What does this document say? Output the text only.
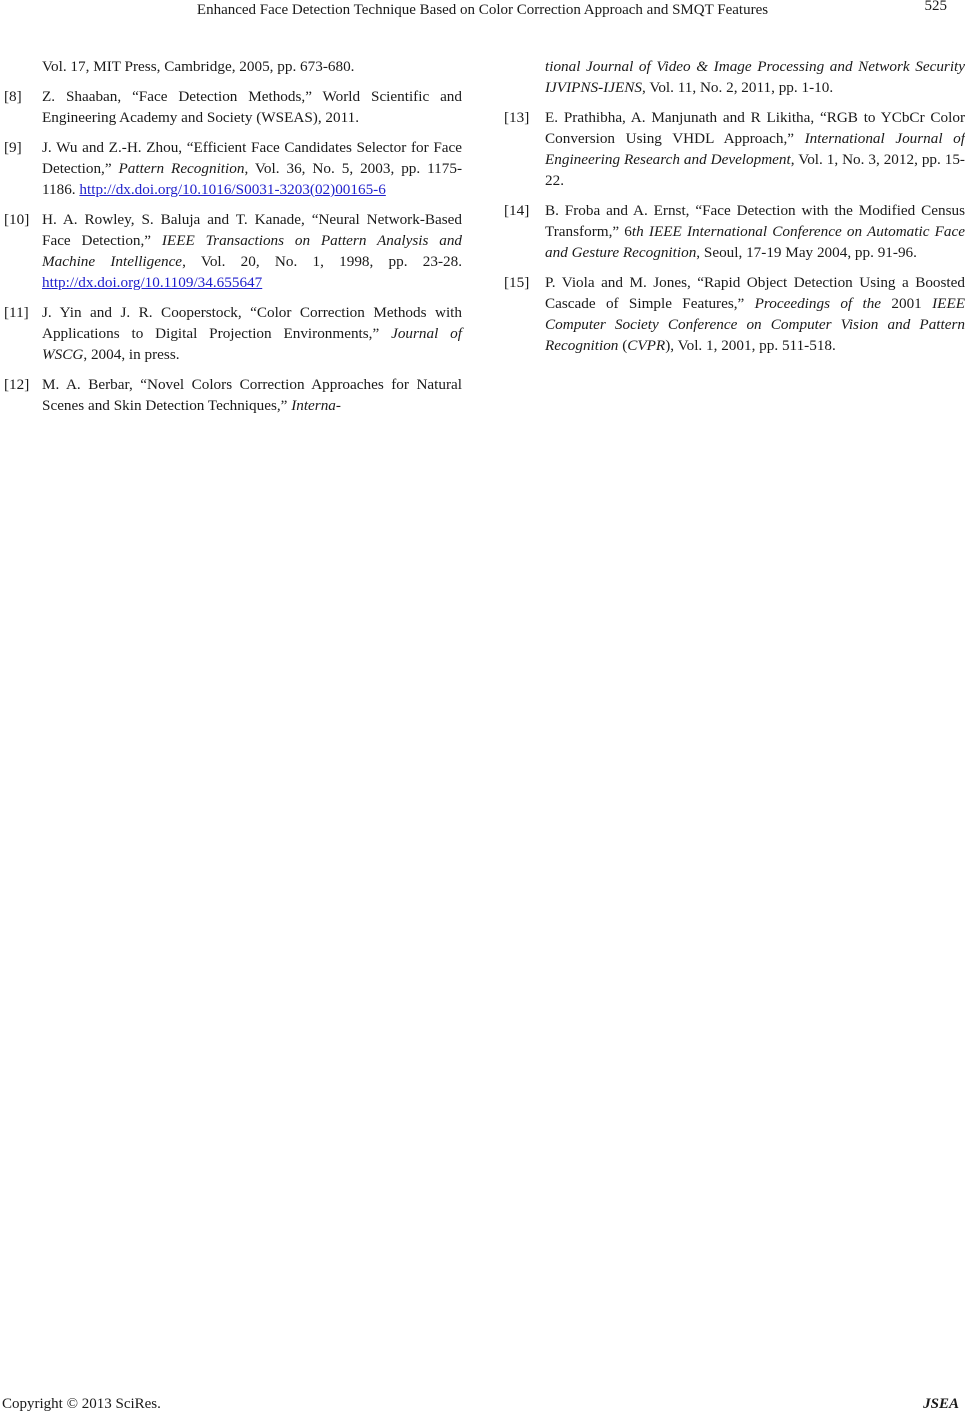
Enhanced Face Detection Technique Based on Color Correction Approach and SMQT Features	525
Vol. 17, MIT Press, Cambridge, 2005, pp. 673-680.
[8] Z. Shaaban, “Face Detection Methods,” World Scientific and Engineering Academy and Society (WSEAS), 2011.
[9] J. Wu and Z.-H. Zhou, “Efficient Face Candidates Selector for Face Detection,” Pattern Recognition, Vol. 36, No. 5, 2003, pp. 1175-1186. http://dx.doi.org/10.1016/S0031-3203(02)00165-6
[10] H. A. Rowley, S. Baluja and T. Kanade, “Neural Network-Based Face Detection,” IEEE Transactions on Pattern Analysis and Machine Intelligence, Vol. 20, No. 1, 1998, pp. 23-28. http://dx.doi.org/10.1109/34.655647
[11] J. Yin and J. R. Cooperstock, “Color Correction Methods with Applications to Digital Projection Environments,” Journal of WSCG, 2004, in press.
[12] M. A. Berbar, “Novel Colors Correction Approaches for Natural Scenes and Skin Detection Techniques,” Interna-
tional Journal of Video & Image Processing and Network Security IJVIPNS-IJENS, Vol. 11, No. 2, 2011, pp. 1-10.
[13] E. Prathibha, A. Manjunath and R Likitha, “RGB to YCbCr Color Conversion Using VHDL Approach,” International Journal of Engineering Research and Development, Vol. 1, No. 3, 2012, pp. 15-22.
[14] B. Froba and A. Ernst, “Face Detection with the Modified Census Transform,” 6th IEEE International Conference on Automatic Face and Gesture Recognition, Seoul, 17-19 May 2004, pp. 91-96.
[15] P. Viola and M. Jones, “Rapid Object Detection Using a Boosted Cascade of Simple Features,” Proceedings of the 2001 IEEE Computer Society Conference on Computer Vision and Pattern Recognition (CVPR), Vol. 1, 2001, pp. 511-518.
Copyright © 2013 SciRes.	JSEA
